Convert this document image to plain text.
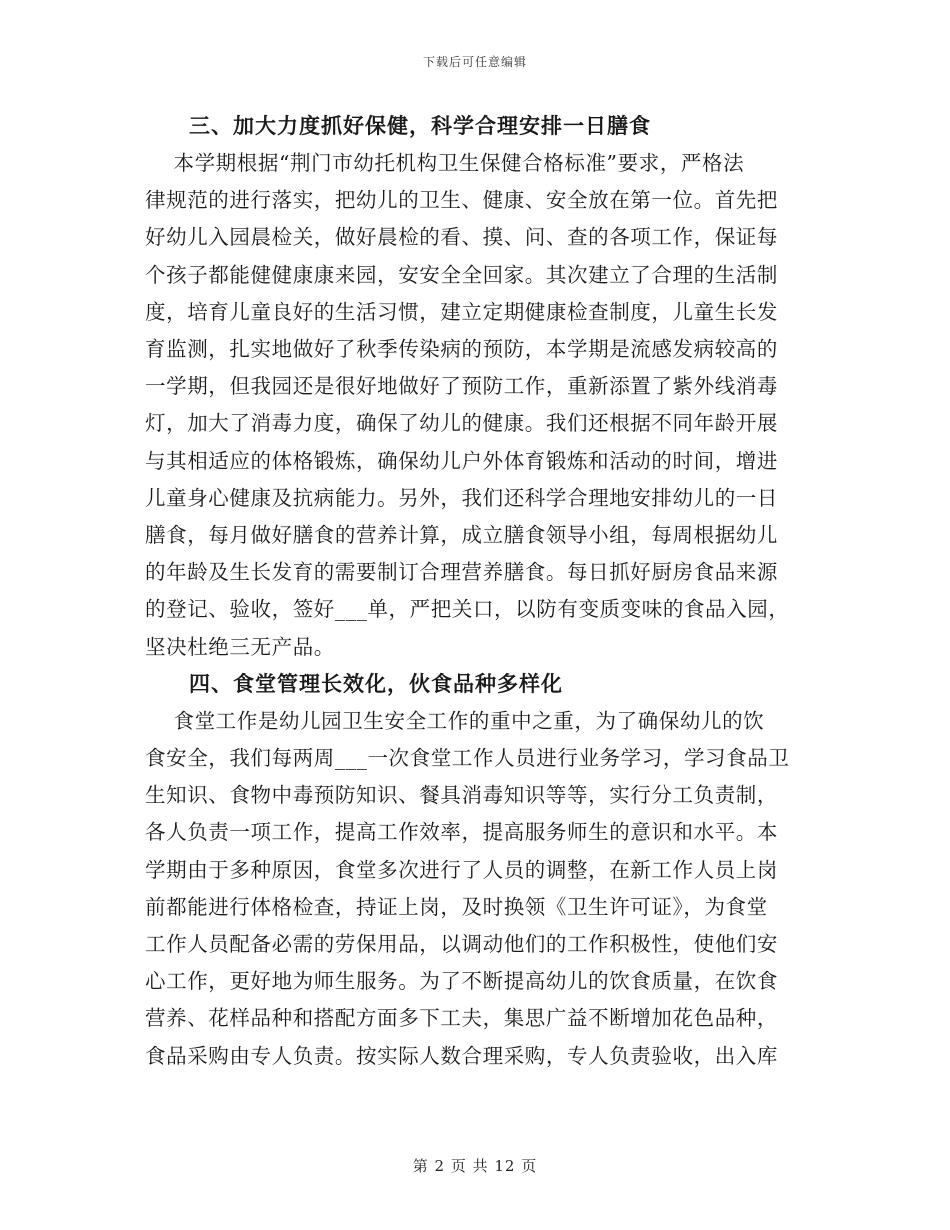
下载后可任意编辑
三、加大力度抓好保健，科学合理安排一日膳食
本学期根据“荆门市幼托机构卫生保健合格标准”要求，严格法
律规范的进行落实，把幼儿的卫生、健康、安全放在第一位。首先把
好幼儿入园晨检关，做好晨检的看、摸、问、查的各项工作，保证每
个孩子都能健健康康来园，安安全全回家。其次建立了合理的生活制
度，培育儿童良好的生活习惯，建立定期健康检查制度，儿童生长发
育监测，扎实地做好了秋季传染病的预防，本学期是流感发病较高的
一学期，但我园还是很好地做好了预防工作，重新添置了紫外线消毒
灯，加大了消毒力度，确保了幼儿的健康。我们还根据不同年龄开展
与其相适应的体格锻炼，确保幼儿户外体育锻炼和活动的时间，增进
儿童身心健康及抗病能力。另外，我们还科学合理地安排幼儿的一日
膳食，每月做好膳食的营养计算，成立膳食领导小组，每周根据幼儿
的年龄及生长发育的需要制订合理营养膳食。每日抓好厨房食品来源
的登记、验收，签好___单，严把关口，以防有变质变味的食品入园，
坚决杜绝三无产品。
四、食堂管理长效化，伙食品种多样化
食堂工作是幼儿园卫生安全工作的重中之重，为了确保幼儿的饮
食安全，我们每两周___一次食堂工作人员进行业务学习，学习食品卫
生知识、食物中毒预防知识、餐具消毒知识等等，实行分工负责制，
各人负责一项工作，提高工作效率，提高服务师生的意识和水平。本
学期由于多种原因，食堂多次进行了人员的调整，在新工作人员上岗
前都能进行体格检查，持证上岗，及时换领《卫生许可证》，为食堂
工作人员配备必需的劳保用品，以调动他们的工作积极性，使他们安
心工作，更好地为师生服务。为了不断提高幼儿的饮食质量，在饮食
营养、花样品种和搭配方面多下工夫，集思广益不断增加花色品种，
食品采购由专人负责。按实际人数合理采购，专人负责验收，出入库
第 2 页 共 12 页
